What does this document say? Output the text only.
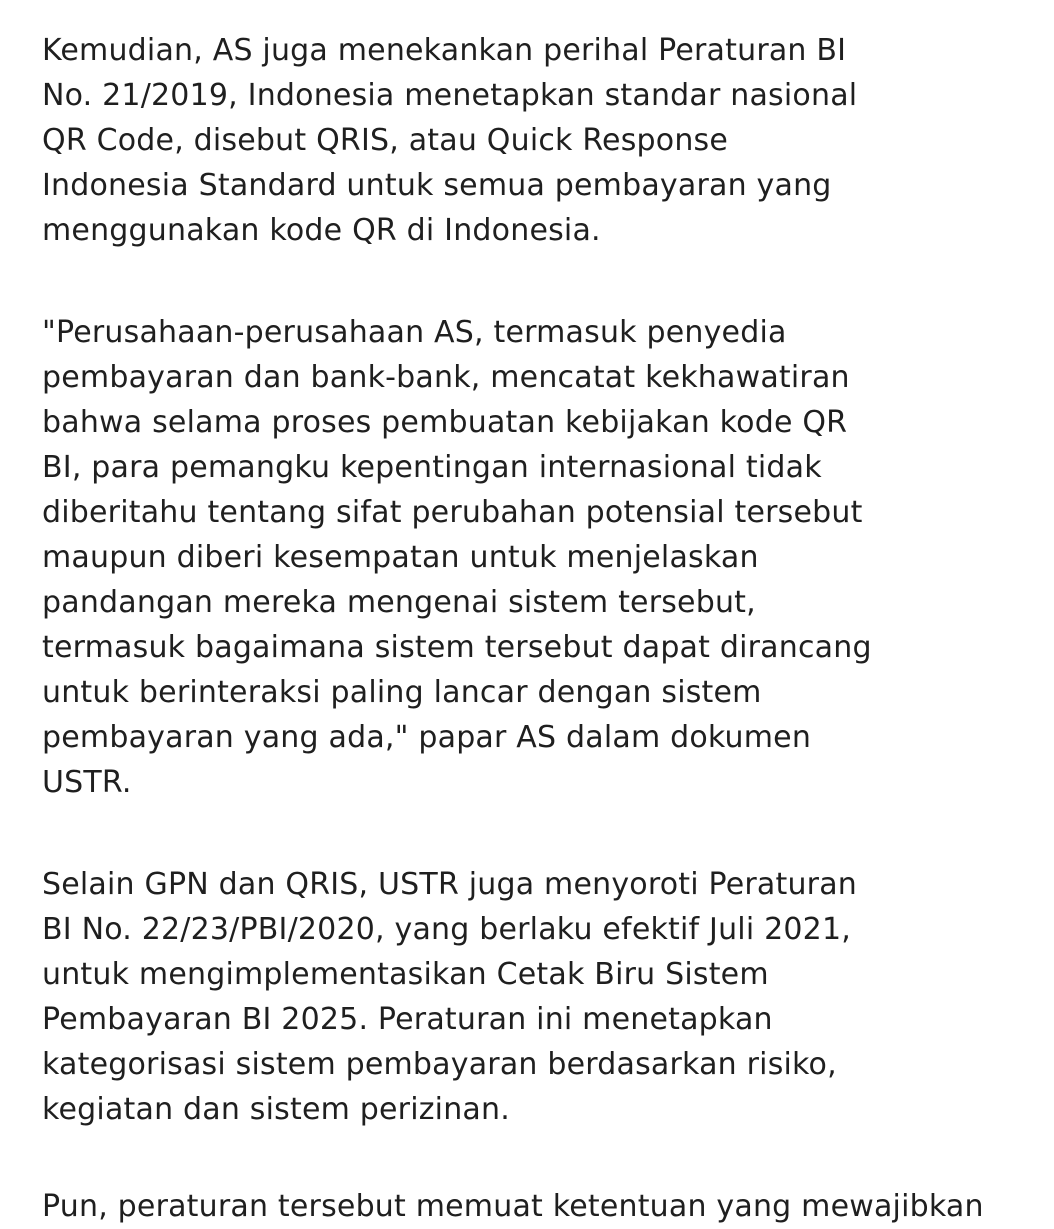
Kemudian, AS juga menekankan perihal Peraturan BI
No. 21/2019, Indonesia menetapkan standar nasional
QR Code, disebut QRIS, atau Quick Response
Indonesia Standard untuk semua pembayaran yang
menggunakan kode QR di Indonesia.
"Perusahaan-perusahaan AS, termasuk penyedia
pembayaran dan bank-bank, mencatat kekhawatiran
bahwa selama proses pembuatan kebijakan kode QR
BI, para pemangku kepentingan internasional tidak
diberitahu tentang sifat perubahan potensial tersebut
maupun diberi kesempatan untuk menjelaskan
pandangan mereka mengenai sistem tersebut,
termasuk bagaimana sistem tersebut dapat dirancang
untuk berinteraksi paling lancar dengan sistem
pembayaran yang ada," papar AS dalam dokumen
USTR.
Selain GPN dan QRIS, USTR juga menyoroti Peraturan
BI No. 22/23/PBI/2020, yang berlaku efektif Juli 2021,
untuk mengimplementasikan Cetak Biru Sistem
Pembayaran BI 2025. Peraturan ini menetapkan
kategorisasi sistem pembayaran berdasarkan risiko,
kegiatan dan sistem perizinan.
Pun, peraturan tersebut memuat ketentuan yang mewajibkan
